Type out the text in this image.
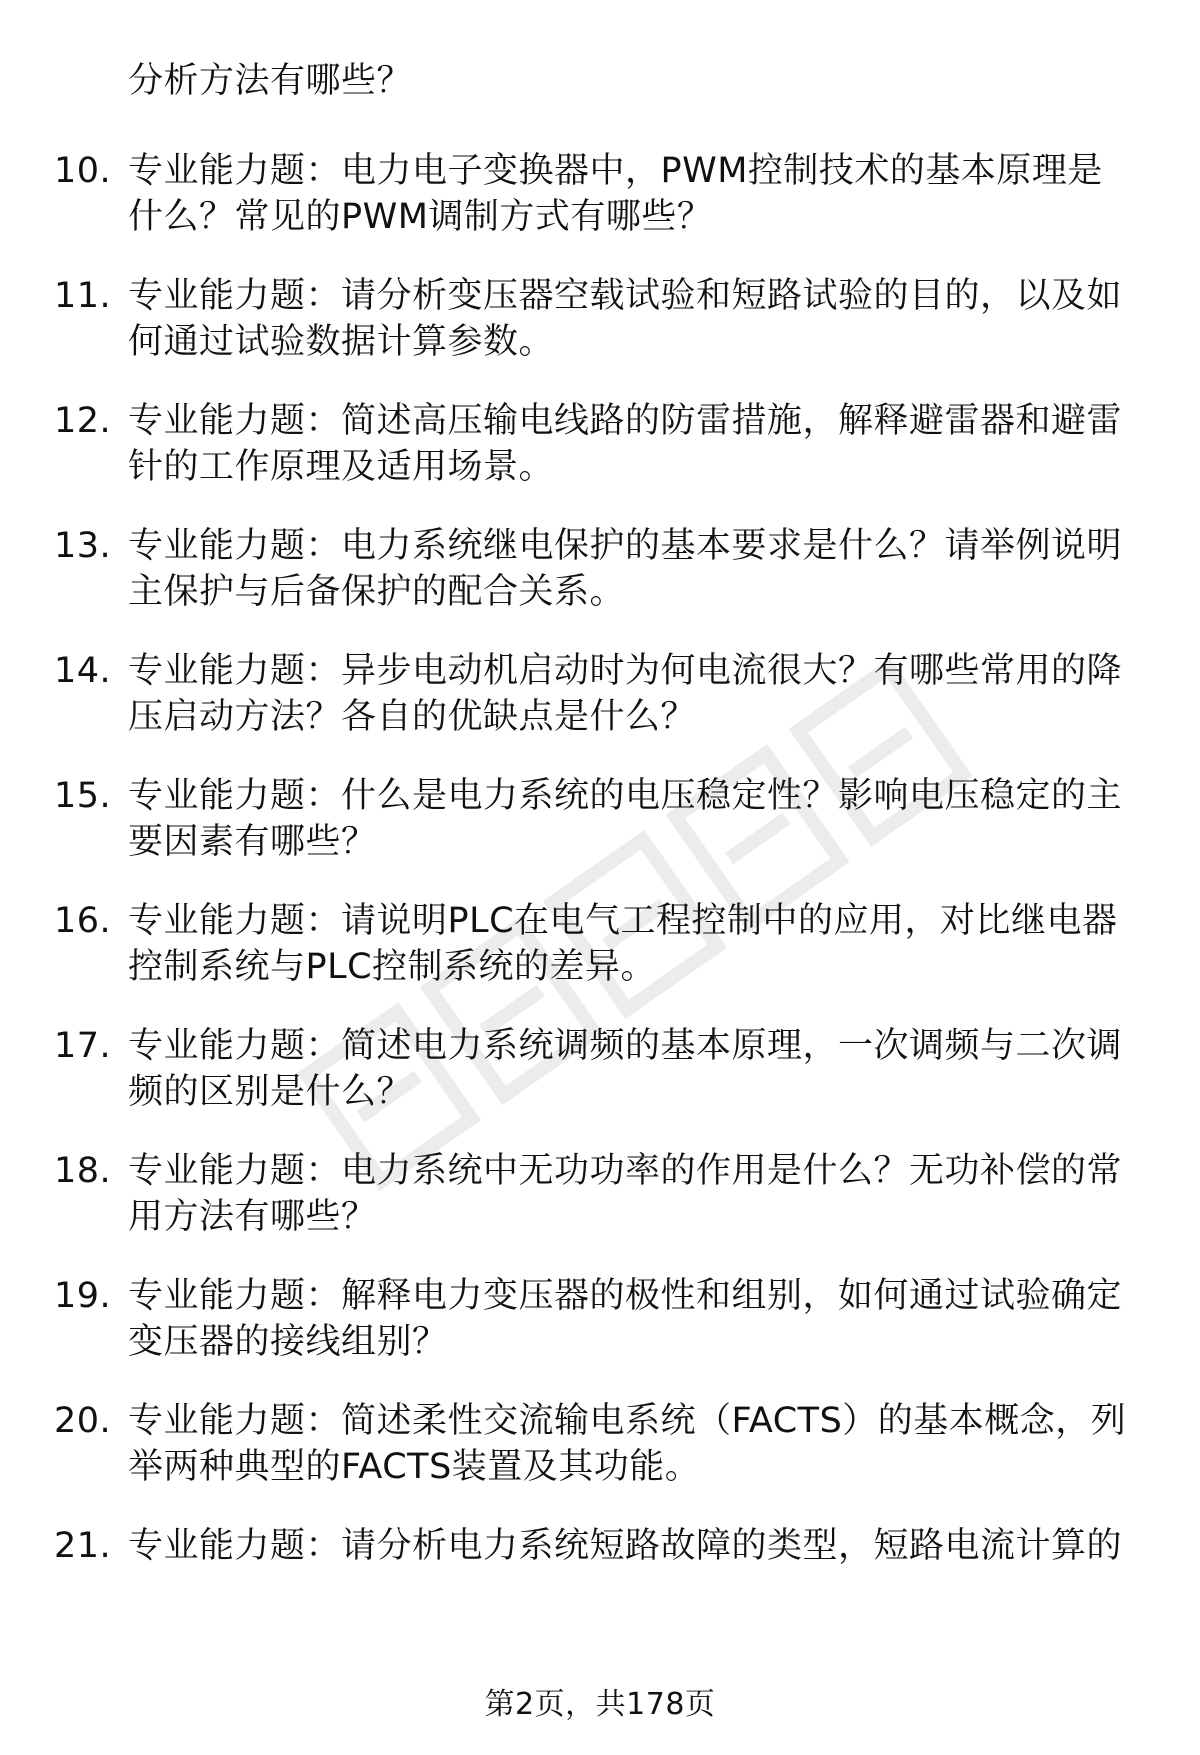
分析方法有哪些？
10. 专业能力题：电力电子变换器中，PWM控制技术的基本原理是
什么？常见的PWM调制方式有哪些？
11. 专业能力题：请分析变压器空载试验和短路试验的目的，以及如
何通过试验数据计算参数。
12. 专业能力题：简述高压输电线路的防雷措施，解释避雷器和避雷
针的工作原理及适用场景。
13. 专业能力题：电力系统继电保护的基本要求是什么？请举例说明
主保护与后备保护的配合关系。
14. 专业能力题：异步电动机启动时为何电流很大？有哪些常用的降
压启动方法？各自的优缺点是什么？
15. 专业能力题：什么是电力系统的电压稳定性？影响电压稳定的主
要因素有哪些？
16. 专业能力题：请说明PLC在电气工程控制中的应用，对比继电器
控制系统与PLC控制系统的差异。
17. 专业能力题：简述电力系统调频的基本原理，一次调频与二次调
频的区别是什么？
18. 专业能力题：电力系统中无功功率的作用是什么？无功补偿的常
用方法有哪些？
19. 专业能力题：解释电力变压器的极性和组别，如何通过试验确定
变压器的接线组别？
20. 专业能力题：简述柔性交流输电系统（FACTS）的基本概念，列
举两种典型的FACTS装置及其功能。
21. 专业能力题：请分析电力系统短路故障的类型，短路电流计算的
第2页，共178页
